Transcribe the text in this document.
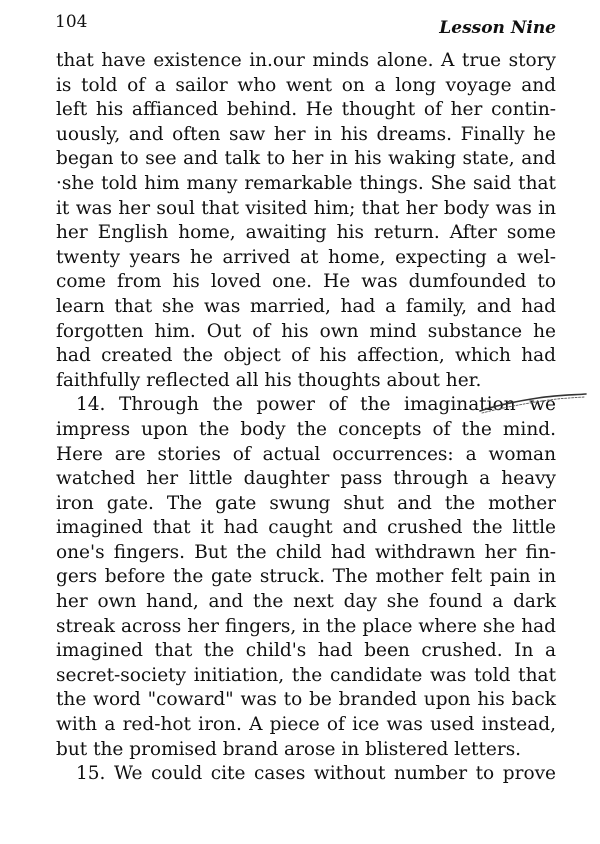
104	Lesson Nine
that have existence in.our minds alone. A true story
is told of a sailor who went on a long voyage and
left his affianced behind. He thought of her contin-
uously, and often saw her in his dreams. Finally he
began to see and talk to her in his waking state, and
·she told him many remarkable things. She said that
it was her soul that visited him; that her body was in
her English home, awaiting his return. After some
twenty years he arrived at home, expecting a wel-
come from his loved one. He was dumfounded to
learn that she was married, had a family, and had
forgotten him. Out of his own mind substance he
had created the object of his affection, which had
faithfully reflected all his thoughts about her.
14. Through the power of the imagination we
impress upon the body the concepts of the mind.
Here are stories of actual occurrences: a woman
watched her little daughter pass through a heavy
iron gate. The gate swung shut and the mother
imagined that it had caught and crushed the little
one's fingers. But the child had withdrawn her fin-
gers before the gate struck. The mother felt pain in
her own hand, and the next day she found a dark
streak across her fingers, in the place where she had
imagined that the child's had been crushed. In a
secret-society initiation, the candidate was told that
the word "coward" was to be branded upon his back
with a red-hot iron. A piece of ice was used instead,
but the promised brand arose in blistered letters.
15. We could cite cases without number to prove
